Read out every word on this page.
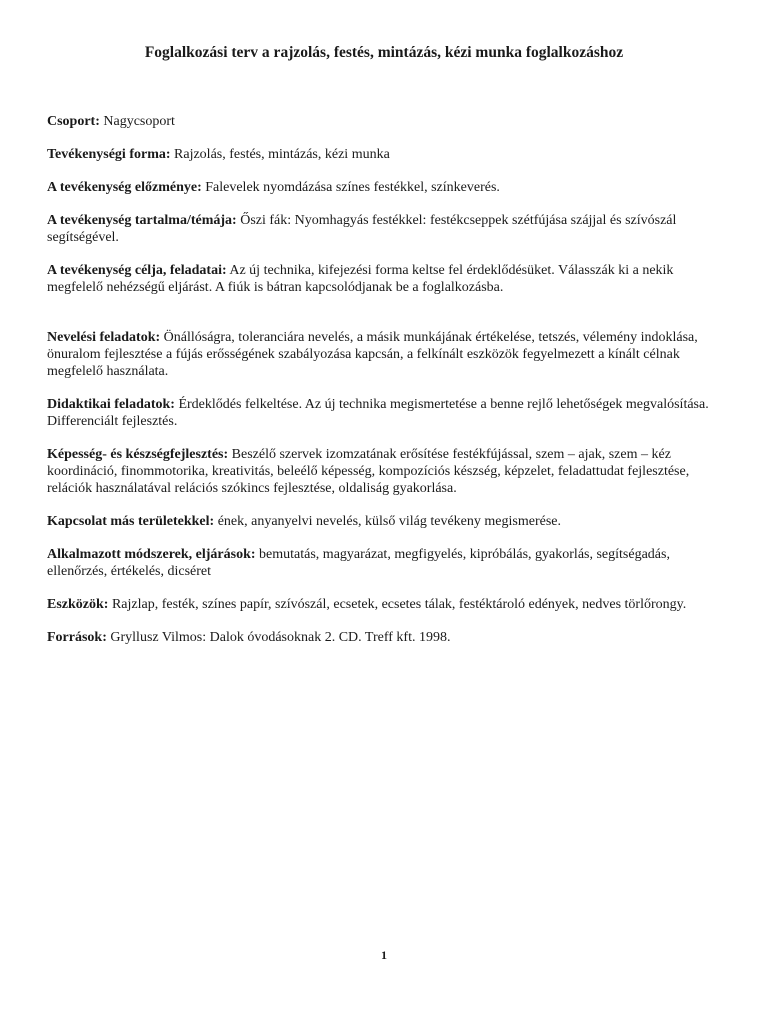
Foglalkozási terv a rajzolás, festés, mintázás, kézi munka foglalkozáshoz

Csoport: Nagycsoport

Tevékenységi forma: Rajzolás, festés, mintázás, kézi munka

A tevékenység előzménye: Falevelek nyomdázása színes festékkel, színkeverés.

A tevékenység tartalma/témája: Őszi fák: Nyomhagyás festékkel: festékcseppek szétfújása szájjal és szívószál segítségével.

A tevékenység célja, feladatai: Az új technika, kifejezési forma keltse fel érdeklődésüket. Válasszák ki a nekik megfelelő nehézségű eljárást. A fiúk is bátran kapcsolódjanak be a foglalkozásba.

Nevelési feladatok: Önállóságra, toleranciára nevelés, a másik munkájának értékelése, tetszés, vélemény indoklása, önuralom fejlesztése a fújás erősségének szabályozása kapcsán, a felkínált eszközök fegyelmezett a kínált célnak megfelelő használata.

Didaktikai feladatok: Érdeklődés felkeltése. Az új technika megismertetése a benne rejlő lehetőségek megvalósítása. Differenciált fejlesztés.

Képesség- és készségfejlesztés: Beszélő szervek izomzatának erősítése festékfújással, szem – ajak, szem – kéz koordináció, finommotorika, kreativitás, beleélő képesség, kompozíciós készség, képzelet, feladattudat fejlesztése, relációk használatával relációs szókincs fejlesztése, oldaliság gyakorlása.

Kapcsolat más területekkel: ének, anyanyelvi nevelés, külső világ tevékeny megismerése.

Alkalmazott módszerek, eljárások: bemutatás, magyarázat, megfigyelés, kipróbálás, gyakorlás, segítségadás, ellenőrzés, értékelés, dicséret

Eszközök: Rajzlap, festék, színes papír, szívószál, ecsetek, ecsetes tálak, festéktároló edények, nedves törlőrongy.

Források: Gryllusz Vilmos: Dalok óvodásoknak 2. CD. Treff kft. 1998.

1
